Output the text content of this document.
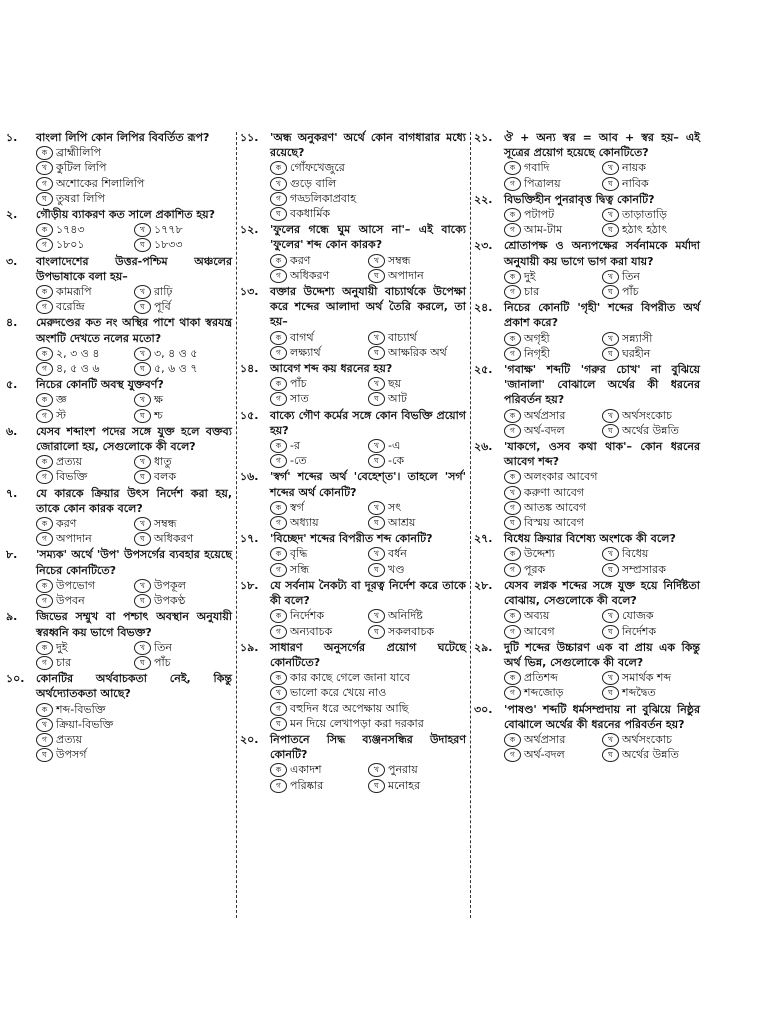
১.	বাংলা লিপি কোন লিপির বিবর্তিত রূপ?
ক ব্রাহ্মীলিপি
খ কুটিল লিপি
গ অশোকের শিলালিপি
ঘ তুষরা লিপি
২.	গৌড়ীয় ব্যাকরণ কত সালে প্রকাশিত হয়?
ক ১৭৪৩	খ ১৭৭৮
গ ১৮০১	ঘ ১৮৩৩
৩.	বাংলাদেশের উত্তর-পশ্চিম অঞ্চলের উপভাষাকে বলা হয়–
ক কামরূপি	খ রাঢ়ি
গ বরেন্দ্রি	ঘ পূর্বি
৪.	মেরুদণ্ডের কত নং অস্থির পাশে থাকা স্বরযন্ত্র অংশটি দেখতে নলের মতো?
ক ২, ৩ ও ৪	খ ৩, ৪ ও ৫
গ ৪, ৫ ও ৬	ঘ ৫, ৬ ও ৭
৫.	নিচের কোনটি অবস্থ যুক্তবর্ণ?
ক জ্ঞ	খ ক্ষ
গ স্ট	ঘ শ্চ
৬.	যেসব শব্দাংশ পদের সঙ্গে যুক্ত হলে বক্তব্য জোরালো হয়, সেগুলোকে কী বলে?
ক প্রত্যয়	খ ধাতু
গ বিভক্তি	ঘ বলক
৭.	যে কারকে ক্রিয়ার উৎস নির্দেশ করা হয়, তাকে কোন কারক বলে?
ক করণ	খ সম্বন্ধ
গ অপাদান	ঘ অধিকরণ
৮.	'সম্যক' অর্থে 'উপ' উপসর্গের ব্যবহার হয়েছে নিচের কোনটিতে?
ক উপভোগ	খ উপকূল
গ উপবন	ঘ উপকণ্ঠ
৯.	জিভের সম্মুখ বা পশ্চাৎ অবস্থান অনুযায়ী স্বরধ্বনি কয় ভাগে বিভক্ত?
ক দুই	খ তিন
গ চার	ঘ পাঁচ
১০.	কোনটির অর্থবাচকতা নেই, কিন্তু অর্থদ্যোতকতা আছে?
ক শব্দ-বিভক্তি
খ ক্রিয়া-বিভক্তি
গ প্রত্যয়
ঘ উপসর্গ
১১.	'অন্ধ অনুকরণ' অর্থে কোন বাগধারার মধ্যে রয়েছে?
ক গোঁফখেজুরে
খ গুড়ে বালি
গ গড্ডলিকাপ্রবাহ
ঘ বকধার্মিক
১২.	'ফুলের গন্ধে ঘুম আসে না'– এই বাক্যে 'ফুলের' শব্দ কোন কারক?
ক করণ	খ সম্বন্ধ
গ অধিকরণ	ঘ অপাদান
১৩.	বক্তার উদ্দেশ্য অনুযায়ী বাচ্যার্থকে উপেক্ষা করে শব্দের আলাদা অর্থ তৈরি করলে, তা হয়–
ক বাগর্থ	খ বাচ্যার্থ
গ লক্ষ্যার্থ	ঘ আক্ষরিক অর্থ
১৪.	আবেগ শব্দ কয় ধরনের হয়?
ক পাঁচ	খ ছয়
গ সাত	ঘ আট
১৫.	বাক্যে গৌণ কর্মের সঙ্গে কোন বিভক্তি প্রয়োগ হয়?
ক -র	খ -এ
গ -তে	ঘ -কে
১৬.	'স্বর্গ' শব্দের অর্থ 'বেহেশ্‌ত'। তাহলে 'সর্গ' শব্দের অর্থ কোনটি?
ক স্বর্গ	খ সৎ
গ অধ্যায়	ঘ আশ্রয়
১৭.	'বিচ্ছেদ' শব্দের বিপরীত শব্দ কোনটি?
ক বৃদ্ধি	খ বর্ধন
গ সন্ধি	ঘ খণ্ড
১৮.	যে সর্বনাম নৈকট্য বা দূরত্ব নির্দেশ করে তাকে কী বলে?
ক নির্দেশক	খ অনির্দিষ্ট
গ অন্যবাচক	ঘ সকলবাচক
১৯.	সাধারণ অনুসর্গের প্রয়োগ ঘটেছে কোনটিতে?
ক কার কাছে গেলে জানা যাবে
খ ভালো করে খেয়ে নাও
গ বহুদিন ধরে অপেক্ষায় আছি
ঘ মন দিয়ে লেখাপড়া করা দরকার
২০.	নিপাতনে সিদ্ধ ব্যঞ্জনসন্ধির উদাহরণ কোনটি?
ক একাদশ	খ পুনরায়
গ পরিষ্কার	ঘ মনোহর
২১.	ঔ + অন্য স্বর = আব + স্বর হয়– এই সূত্রের প্রয়োগ হয়েছে কোনটিতে?
ক গবাদি	খ নায়ক
গ পিত্রালয়	ঘ নাবিক
২২.	বিভক্তিহীন পুনরাবৃত্ত দ্বিত্ব কোনটি?
ক পটাপট	খ তাড়াতাড়ি
গ আম-টাম	ঘ হঠাৎ হঠাৎ
২৩.	শ্রোতাপক্ষ ও অন্যপক্ষের সর্বনামকে মর্যাদা অনুযায়ী কয় ভাগে ভাগ করা যায়?
ক দুই	খ তিন
গ চার	ঘ পাঁচ
২৪.	নিচের কোনটি 'গৃহী' শব্দের বিপরীত অর্থ প্রকাশ করে?
ক অগৃহী	খ সন্ন্যাসী
গ নিগৃহী	ঘ ঘরহীন
২৫.	'গবাক্ষ' শব্দটি 'গরুর চোখ' না বুঝিয়ে 'জানালা' বোঝালে অর্থের কী ধরনের পরিবর্তন হয়?
ক অর্থপ্রসার	খ অর্থসংকোচ
গ অর্থ-বদল	ঘ অর্থের উন্নতি
২৬.	'যাকগে, ওসব কথা থাক'– কোন ধরনের আবেগ শব্দ?
ক অলংকার আবেগ
খ করুণা আবেগ
গ আতঙ্ক আবেগ
ঘ বিস্ময় আবেগ
২৭.	বিধেয় ক্রিয়ার বিশেষ্য অংশকে কী বলে?
ক উদ্দেশ্য	খ বিধেয়
গ পূরক	ঘ সম্প্রসারক
২৮.	যেসব লগ্নক শব্দের সঙ্গে যুক্ত হয়ে নির্দিষ্টতা বোঝায়, সেগুলোকে কী বলে?
ক অব্যয়	খ যোজক
গ আবেগ	ঘ নির্দেশক
২৯.	দুটি শব্দের উচ্চারণ এক বা প্রায় এক কিন্তু অর্থ ভিন্ন, সেগুলোকে কী বলে?
ক প্রতিশব্দ	খ সমার্থক শব্দ
গ শব্দজোড়	ঘ শব্দদ্বৈত
৩০.	'পাষণ্ড' শব্দটি ধর্মসম্প্রদায় না বুঝিয়ে নিষ্ঠুর বোঝালে অর্থের কী ধরনের পরিবর্তন হয়?
ক অর্থপ্রসার	খ অর্থসংকোচ
গ অর্থ-বদল	ঘ অর্থের উন্নতি
